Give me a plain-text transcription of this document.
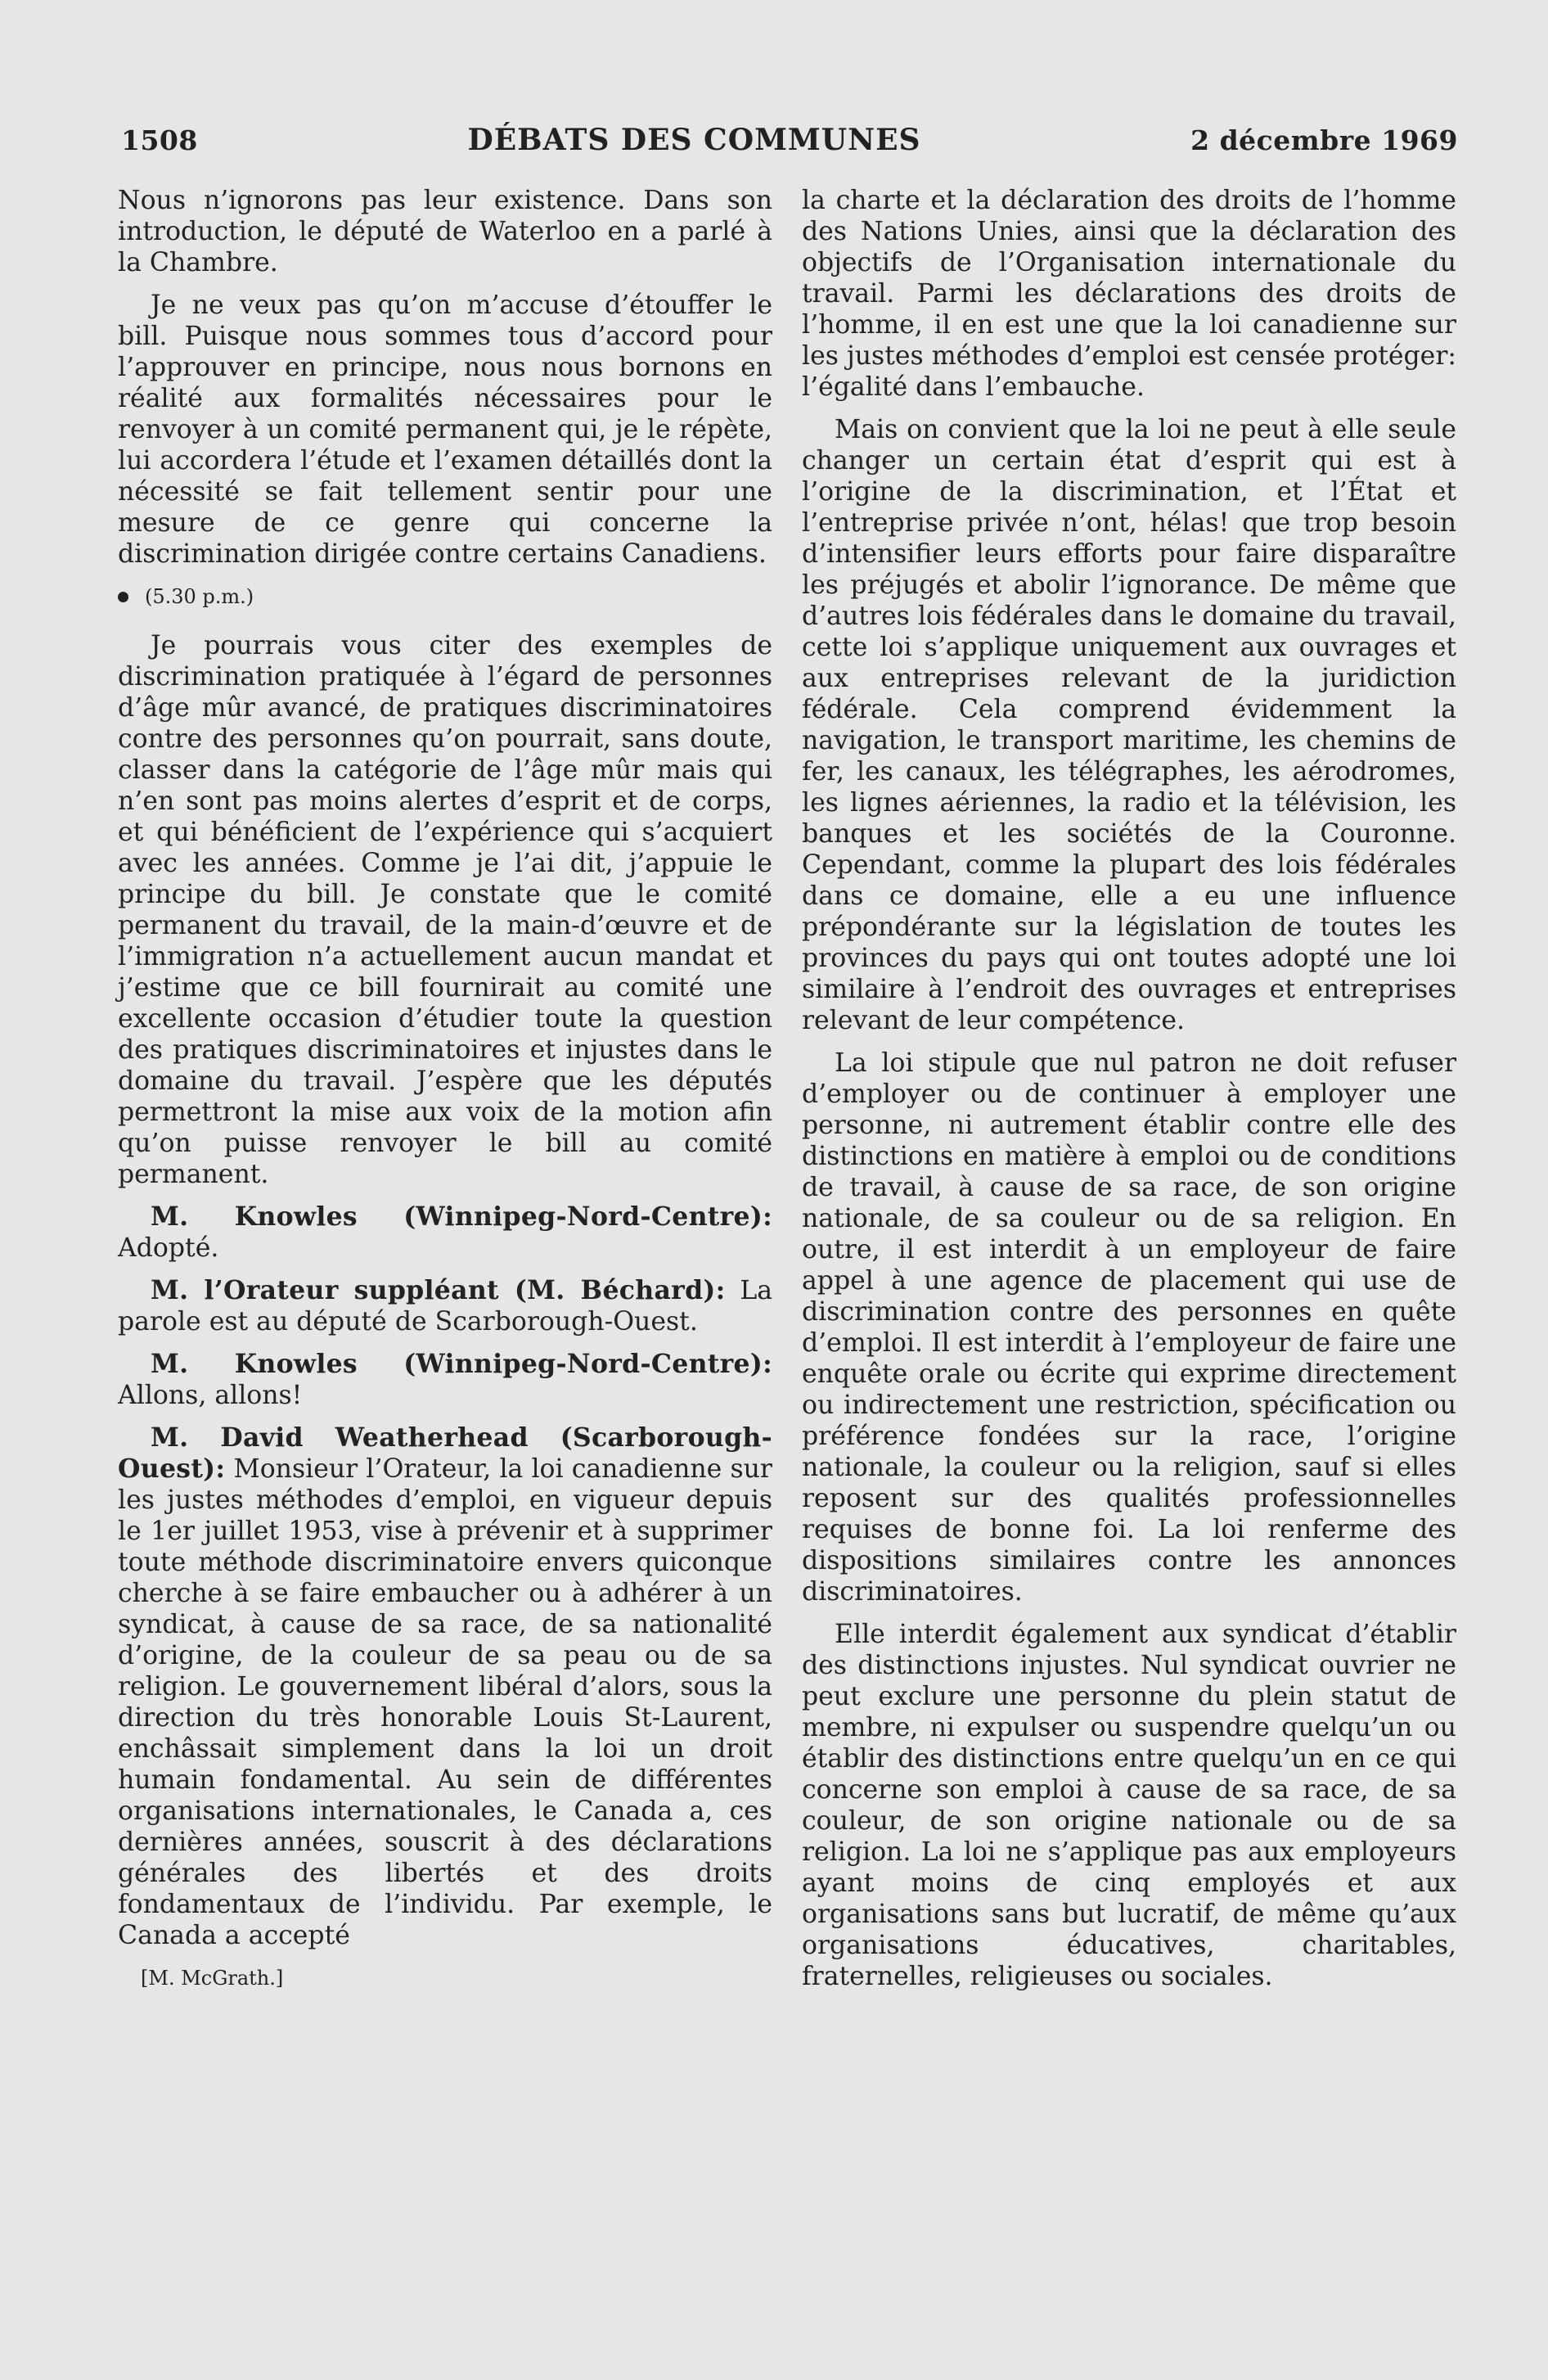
1508	DÉBATS DES COMMUNES	2 décembre 1969

Nous n’ignorons pas leur existence. Dans son introduction, le député de Waterloo en a parlé à la Chambre.

Je ne veux pas qu’on m’accuse d’étouffer le bill. Puisque nous sommes tous d’accord pour l’approuver en principe, nous nous bornons en réalité aux formalités nécessaires pour le renvoyer à un comité permanent qui, je le répète, lui accordera l’étude et l’examen détaillés dont la nécessité se fait tellement sentir pour une mesure de ce genre qui concerne la discrimination dirigée contre certains Canadiens.

(5.30 p.m.)

Je pourrais vous citer des exemples de discrimination pratiquée à l’égard de personnes d’âge mûr avancé, de pratiques discriminatoires contre des personnes qu’on pourrait, sans doute, classer dans la catégorie de l’âge mûr mais qui n’en sont pas moins alertes d’esprit et de corps, et qui bénéficient de l’expérience qui s’acquiert avec les années. Comme je l’ai dit, j’appuie le principe du bill. Je constate que le comité permanent du travail, de la main-d’œuvre et de l’immigration n’a actuellement aucun mandat et j’estime que ce bill fournirait au comité une excellente occasion d’étudier toute la question des pratiques discriminatoires et injustes dans le domaine du travail. J’espère que les députés permettront la mise aux voix de la motion afin qu’on puisse renvoyer le bill au comité permanent.

M. Knowles (Winnipeg-Nord-Centre): Adopté.

M. l’Orateur suppléant (M. Béchard): La parole est au député de Scarborough-Ouest.

M. Knowles (Winnipeg-Nord-Centre): Allons, allons!

M. David Weatherhead (Scarborough-Ouest): Monsieur l’Orateur, la loi canadienne sur les justes méthodes d’emploi, en vigueur depuis le 1er juillet 1953, vise à prévenir et à supprimer toute méthode discriminatoire envers quiconque cherche à se faire embaucher ou à adhérer à un syndicat, à cause de sa race, de sa nationalité d’origine, de la couleur de sa peau ou de sa religion. Le gouvernement libéral d’alors, sous la direction du très honorable Louis St-Laurent, enchâssait simplement dans la loi un droit humain fondamental. Au sein de différentes organisations internationales, le Canada a, ces dernières années, souscrit à des déclarations générales des libertés et des droits fondamentaux de l’individu. Par exemple, le Canada a accepté

[M. McGrath.]

la charte et la déclaration des droits de l’homme des Nations Unies, ainsi que la déclaration des objectifs de l’Organisation internationale du travail. Parmi les déclarations des droits de l’homme, il en est une que la loi canadienne sur les justes méthodes d’emploi est censée protéger: l’égalité dans l’embauche.

Mais on convient que la loi ne peut à elle seule changer un certain état d’esprit qui est à l’origine de la discrimination, et l’État et l’entreprise privée n’ont, hélas! que trop besoin d’intensifier leurs efforts pour faire disparaître les préjugés et abolir l’ignorance. De même que d’autres lois fédérales dans le domaine du travail, cette loi s’applique uniquement aux ouvrages et aux entreprises relevant de la juridiction fédérale. Cela comprend évidemment la navigation, le transport maritime, les chemins de fer, les canaux, les télégraphes, les aérodromes, les lignes aériennes, la radio et la télévision, les banques et les sociétés de la Couronne. Cependant, comme la plupart des lois fédérales dans ce domaine, elle a eu une influence prépondérante sur la législation de toutes les provinces du pays qui ont toutes adopté une loi similaire à l’endroit des ouvrages et entreprises relevant de leur compétence.

La loi stipule que nul patron ne doit refuser d’employer ou de continuer à employer une personne, ni autrement établir contre elle des distinctions en matière à emploi ou de conditions de travail, à cause de sa race, de son origine nationale, de sa couleur ou de sa religion. En outre, il est interdit à un employeur de faire appel à une agence de placement qui use de discrimination contre des personnes en quête d’emploi. Il est interdit à l’employeur de faire une enquête orale ou écrite qui exprime directement ou indirectement une restriction, spécification ou préférence fondées sur la race, l’origine nationale, la couleur ou la religion, sauf si elles reposent sur des qualités professionnelles requises de bonne foi. La loi renferme des dispositions similaires contre les annonces discriminatoires.

Elle interdit également aux syndicat d’établir des distinctions injustes. Nul syndicat ouvrier ne peut exclure une personne du plein statut de membre, ni expulser ou suspendre quelqu’un ou établir des distinctions entre quelqu’un en ce qui concerne son emploi à cause de sa race, de sa couleur, de son origine nationale ou de sa religion. La loi ne s’applique pas aux employeurs ayant moins de cinq employés et aux organisations sans but lucratif, de même qu’aux organisations éducatives, charitables, fraternelles, religieuses ou sociales.
